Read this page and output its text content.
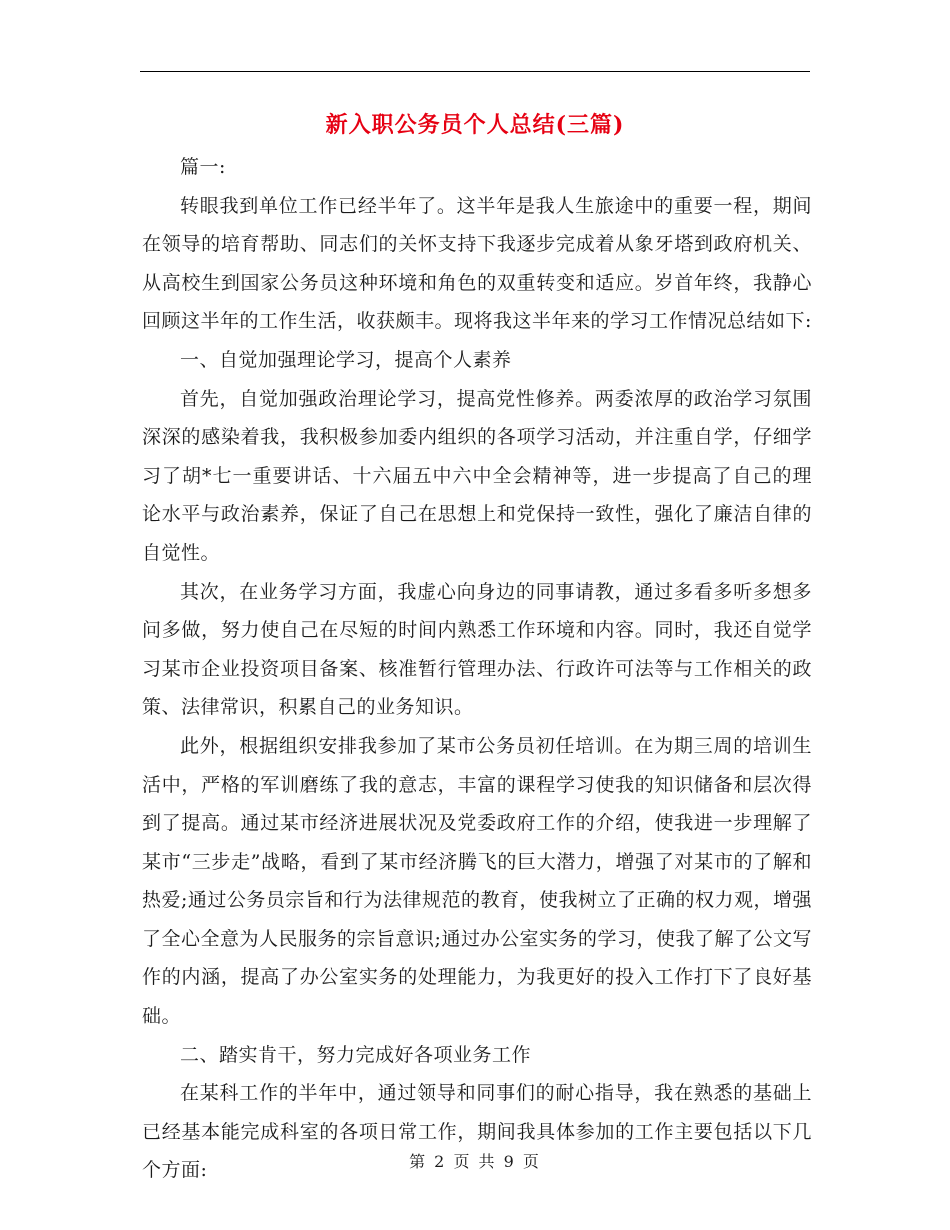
新入职公务员个人总结(三篇)

篇一:

转眼我到单位工作已经半年了。这半年是我人生旅途中的重要一程，期间在领导的培育帮助、同志们的关怀支持下我逐步完成着从象牙塔到政府机关、从高校生到国家公务员这种环境和角色的双重转变和适应。岁首年终，我静心回顾这半年的工作生活，收获颇丰。现将我这半年来的学习工作情况总结如下:

一、自觉加强理论学习，提高个人素养

首先，自觉加强政治理论学习，提高党性修养。两委浓厚的政治学习氛围深深的感染着我，我积极参加委内组织的各项学习活动，并注重自学，仔细学习了胡*七一重要讲话、十六届五中六中全会精神等，进一步提高了自己的理论水平与政治素养，保证了自己在思想上和党保持一致性，强化了廉洁自律的自觉性。

其次，在业务学习方面，我虚心向身边的同事请教，通过多看多听多想多问多做，努力使自己在尽短的时间内熟悉工作环境和内容。同时，我还自觉学习某市企业投资项目备案、核准暂行管理办法、行政许可法等与工作相关的政策、法律常识，积累自己的业务知识。

此外，根据组织安排我参加了某市公务员初任培训。在为期三周的培训生活中，严格的军训磨练了我的意志，丰富的课程学习使我的知识储备和层次得到了提高。通过某市经济进展状况及党委政府工作的介绍，使我进一步理解了某市“三步走”战略，看到了某市经济腾飞的巨大潜力，增强了对某市的了解和热爱;通过公务员宗旨和行为法律规范的教育，使我树立了正确的权力观，增强了全心全意为人民服务的宗旨意识;通过办公室实务的学习，使我了解了公文写作的内涵，提高了办公室实务的处理能力，为我更好的投入工作打下了良好基础。

二、踏实肯干，努力完成好各项业务工作

在某科工作的半年中，通过领导和同事们的耐心指导，我在熟悉的基础上已经基本能完成科室的各项日常工作，期间我具体参加的工作主要包括以下几个方面:	第 2 页 共 9 页
